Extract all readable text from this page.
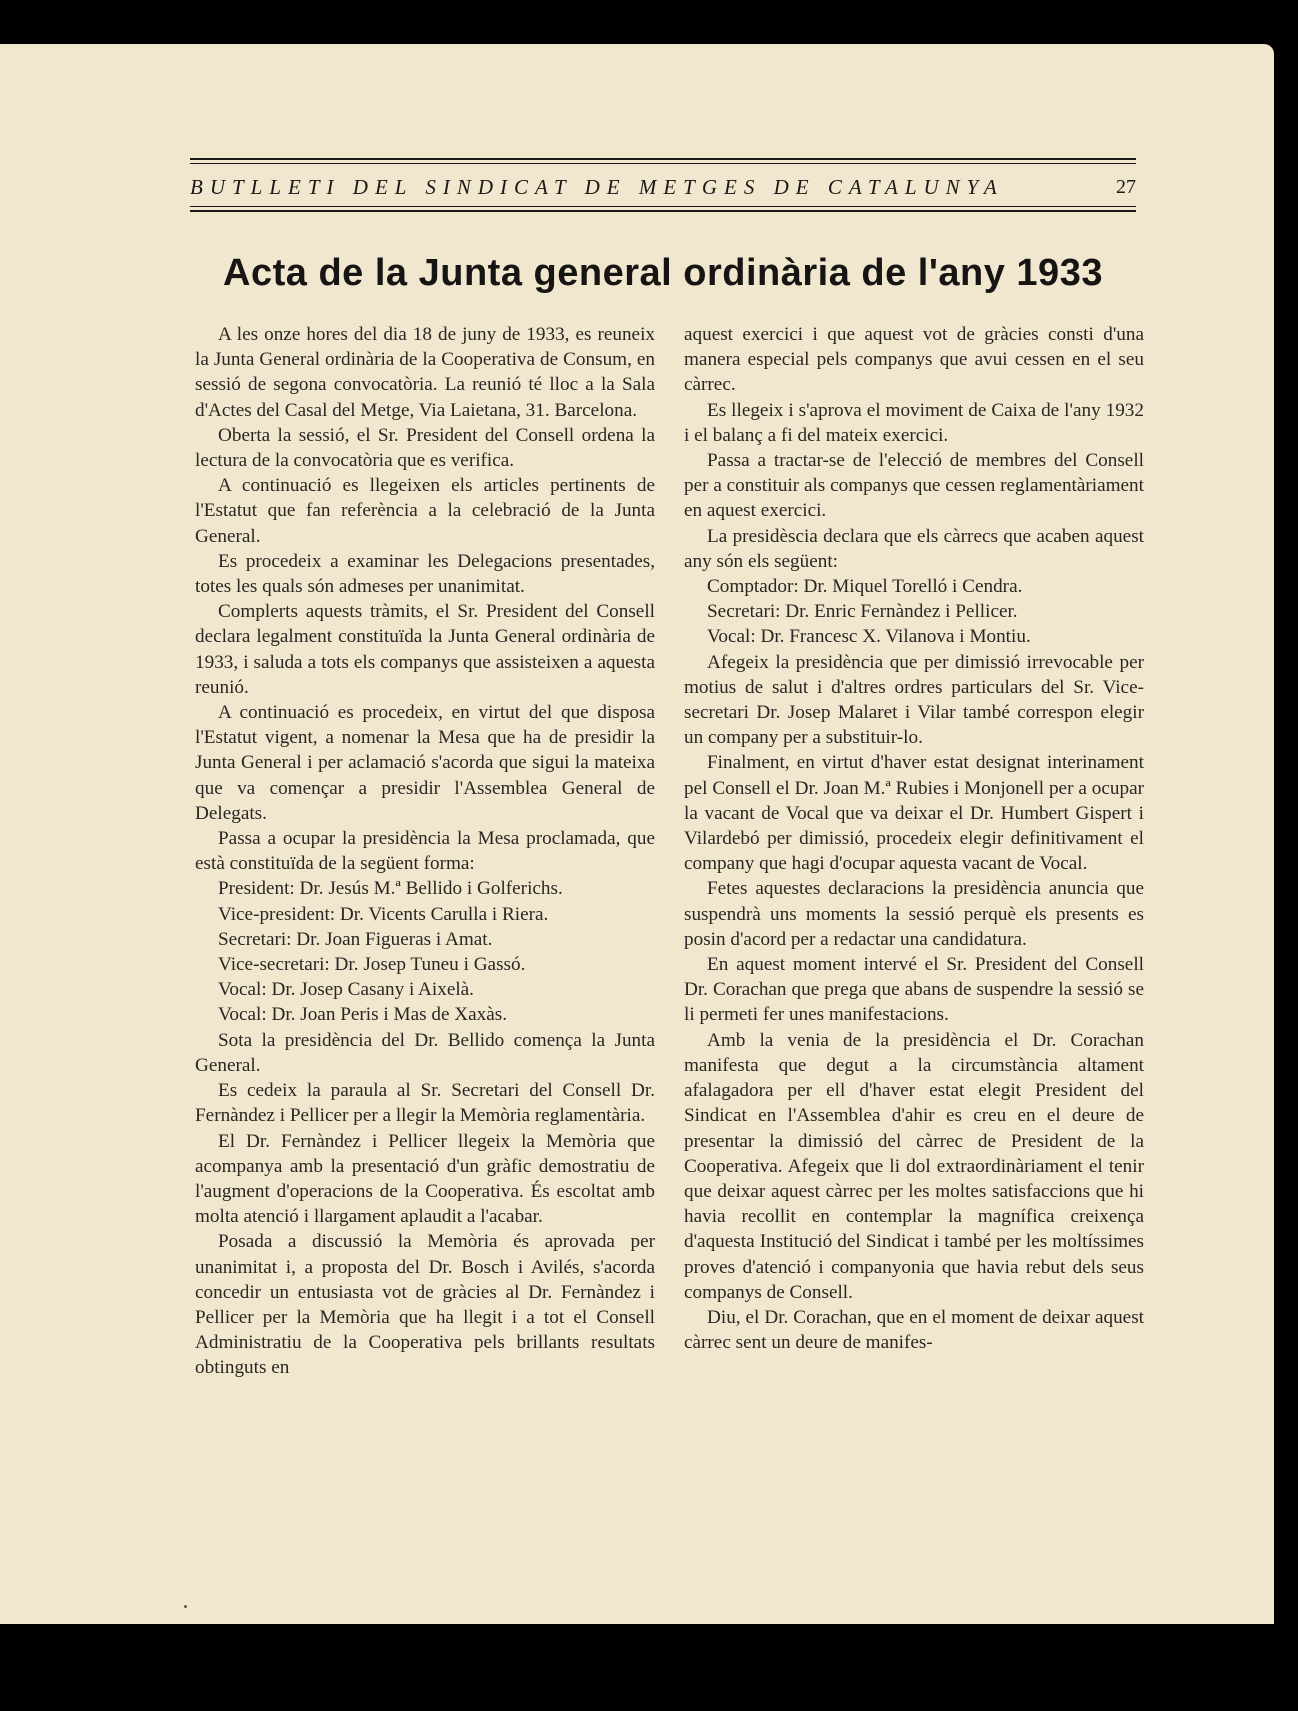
BUTLLETI DEL SINDICAT DE METGES DE CATALUNYA	27
Acta de la Junta general ordinària de l'any 1933

A les onze hores del dia 18 de juny de 1933, es reuneix la Junta General ordinària de la Cooperativa de Consum, en sessió de segona convocatòria. La reunió té lloc a la Sala d'Actes del Casal del Metge, Via Laietana, 31. Barcelona.

Oberta la sessió, el Sr. President del Consell ordena la lectura de la convocatòria que es verifica.

A continuació es llegeixen els articles pertinents de l'Estatut que fan referència a la celebració de la Junta General.

Es procedeix a examinar les Delegacions presentades, totes les quals són admeses per unanimitat.

Complerts aquests tràmits, el Sr. President del Consell declara legalment constituïda la Junta General ordinària de 1933, i saluda a tots els companys que assisteixen a aquesta reunió.

A continuació es procedeix, en virtut del que disposa l'Estatut vigent, a nomenar la Mesa que ha de presidir la Junta General i per aclamació s'acorda que sigui la mateixa que va començar a presidir l'Assemblea General de Delegats.

Passa a ocupar la presidència la Mesa proclamada, que està constituïda de la següent forma:

President: Dr. Jesús M.ª Bellido i Golferichs.

Vice-president: Dr. Vicents Carulla i Riera.

Secretari: Dr. Joan Figueras i Amat.

Vice-secretari: Dr. Josep Tuneu i Gassó.

Vocal: Dr. Josep Casany i Aixelà.

Vocal: Dr. Joan Peris i Mas de Xaxàs.

Sota la presidència del Dr. Bellido comença la Junta General.

Es cedeix la paraula al Sr. Secretari del Consell Dr. Fernàndez i Pellicer per a llegir la Memòria reglamentària.

El Dr. Fernàndez i Pellicer llegeix la Memòria que acompanya amb la presentació d'un gràfic demostratiu de l'augment d'operacions de la Cooperativa. És escoltat amb molta atenció i llargament aplaudit a l'acabar.

Posada a discussió la Memòria és aprovada per unanimitat i, a proposta del Dr. Bosch i Avilés, s'acorda concedir un entusiasta vot de gràcies al Dr. Fernàndez i Pellicer per la Memòria que ha llegit i a tot el Consell Administratiu de la Cooperativa pels brillants resultats obtinguts en

aquest exercici i que aquest vot de gràcies consti d'una manera especial pels companys que avui cessen en el seu càrrec.

Es llegeix i s'aprova el moviment de Caixa de l'any 1932 i el balanç a fi del mateix exercici.

Passa a tractar-se de l'elecció de membres del Consell per a constituir als companys que cessen reglamentàriament en aquest exercici.

La presidèscia declara que els càrrecs que acaben aquest any són els següent:

Comptador: Dr. Miquel Torelló i Cendra.

Secretari: Dr. Enric Fernàndez i Pellicer.

Vocal: Dr. Francesc X. Vilanova i Montiu.

Afegeix la presidència que per dimissió irrevocable per motius de salut i d'altres ordres particulars del Sr. Vice-secretari Dr. Josep Malaret i Vilar també correspon elegir un company per a substituir-lo.

Finalment, en virtut d'haver estat designat interinament pel Consell el Dr. Joan M.ª Rubies i Monjonell per a ocupar la vacant de Vocal que va deixar el Dr. Humbert Gispert i Vilardebó per dimissió, procedeix elegir definitivament el company que hagi d'ocupar aquesta vacant de Vocal.

Fetes aquestes declaracions la presidència anuncia que suspendrà uns moments la sessió perquè els presents es posin d'acord per a redactar una candidatura.

En aquest moment intervé el Sr. President del Consell Dr. Corachan que prega que abans de suspendre la sessió se li permeti fer unes manifestacions.

Amb la venia de la presidència el Dr. Corachan manifesta que degut a la circumstància altament afalagadora per ell d'haver estat elegit President del Sindicat en l'Assemblea d'ahir es creu en el deure de presentar la dimissió del càrrec de President de la Cooperativa. Afegeix que li dol extraordinàriament el tenir que deixar aquest càrrec per les moltes satisfaccions que hi havia recollit en contemplar la magnífica creixença d'aquesta Institució del Sindicat i també per les moltíssimes proves d'atenció i companyonia que havia rebut dels seus companys de Consell.

Diu, el Dr. Corachan, que en el moment de deixar aquest càrrec sent un deure de manifes-
